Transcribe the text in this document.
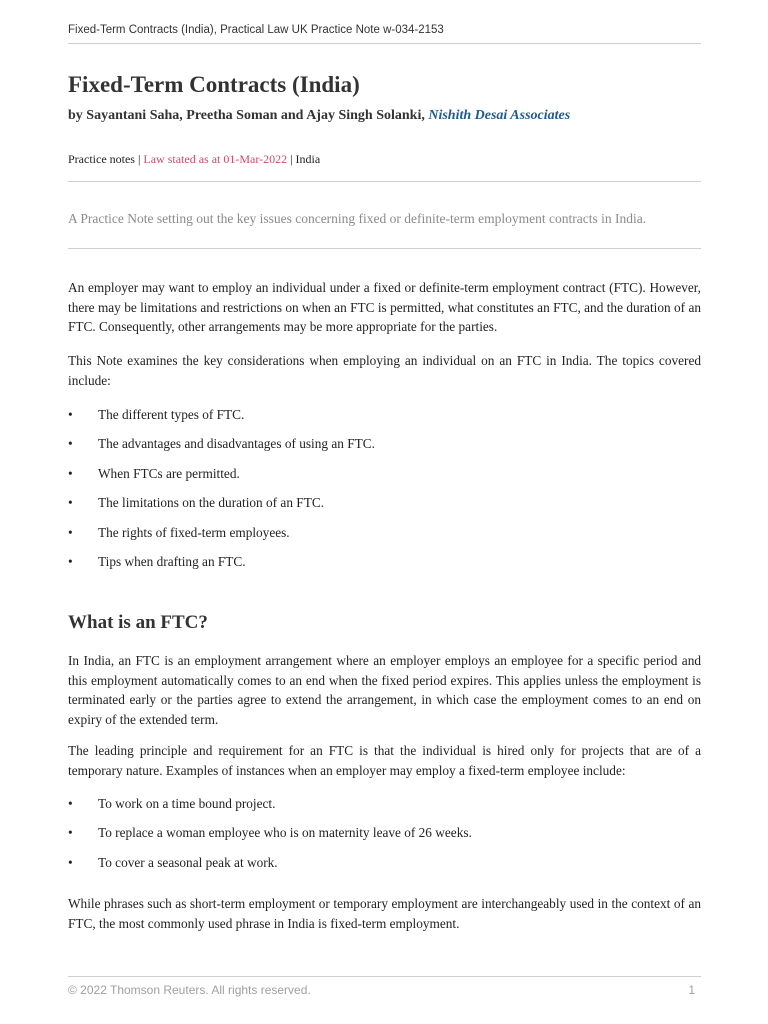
Fixed-Term Contracts (India), Practical Law UK Practice Note w-034-2153
Fixed-Term Contracts (India)
by Sayantani Saha, Preetha Soman and Ajay Singh Solanki, Nishith Desai Associates
Practice notes | Law stated as at 01-Mar-2022 | India
A Practice Note setting out the key issues concerning fixed or definite-term employment contracts in India.

An employer may want to employ an individual under a fixed or definite-term employment contract (FTC). However, there may be limitations and restrictions on when an FTC is permitted, what constitutes an FTC, and the duration of an FTC. Consequently, other arrangements may be more appropriate for the parties.

This Note examines the key considerations when employing an individual on an FTC in India. The topics covered include:

• The different types of FTC.
• The advantages and disadvantages of using an FTC.
• When FTCs are permitted.
• The limitations on the duration of an FTC.
• The rights of fixed-term employees.
• Tips when drafting an FTC.
What is an FTC?

In India, an FTC is an employment arrangement where an employer employs an employee for a specific period and this employment automatically comes to an end when the fixed period expires. This applies unless the employment is terminated early or the parties agree to extend the arrangement, in which case the employment comes to an end on expiry of the extended term.

The leading principle and requirement for an FTC is that the individual is hired only for projects that are of a temporary nature. Examples of instances when an employer may employ a fixed-term employee include:

• To work on a time bound project.
• To replace a woman employee who is on maternity leave of 26 weeks.
• To cover a seasonal peak at work.

While phrases such as short-term employment or temporary employment are interchangeably used in the context of an FTC, the most commonly used phrase in India is fixed-term employment.

© 2022 Thomson Reuters. All rights reserved.	1
